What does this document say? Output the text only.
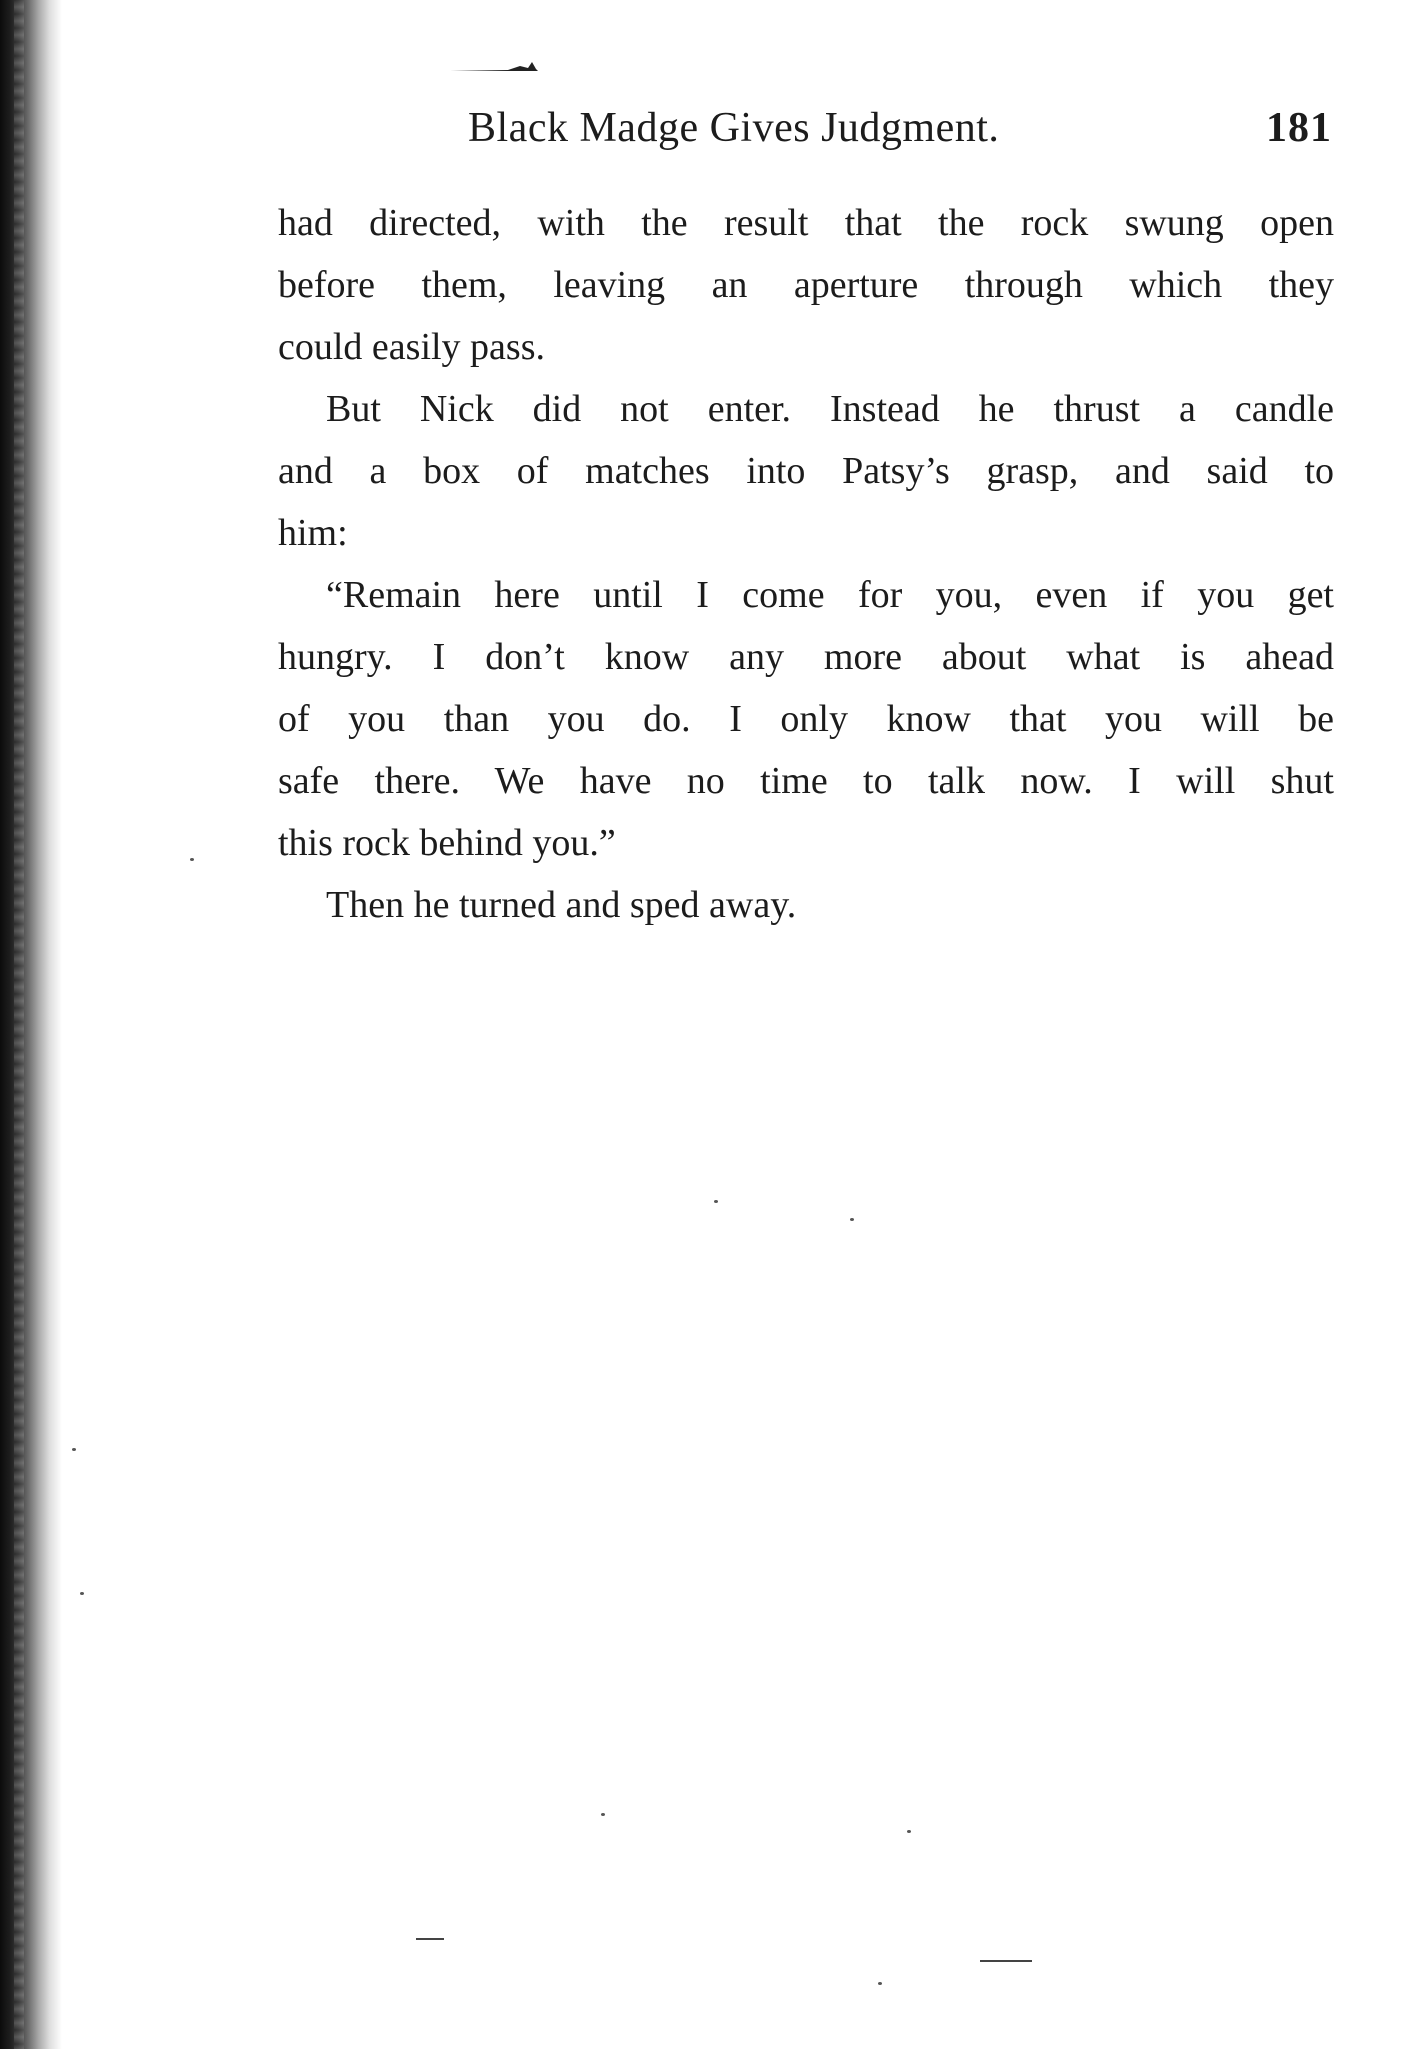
Black Madge Gives Judgment.	181
had directed, with the result that the rock swung open
before them, leaving an aperture through which they
could easily pass.
But Nick did not enter. Instead he thrust a candle
and a box of matches into Patsy’s grasp, and said to
him:
“Remain here until I come for you, even if you get
hungry. I don’t know any more about what is ahead
of you than you do. I only know that you will be
safe there. We have no time to talk now. I will shut
this rock behind you.”
Then he turned and sped away.
